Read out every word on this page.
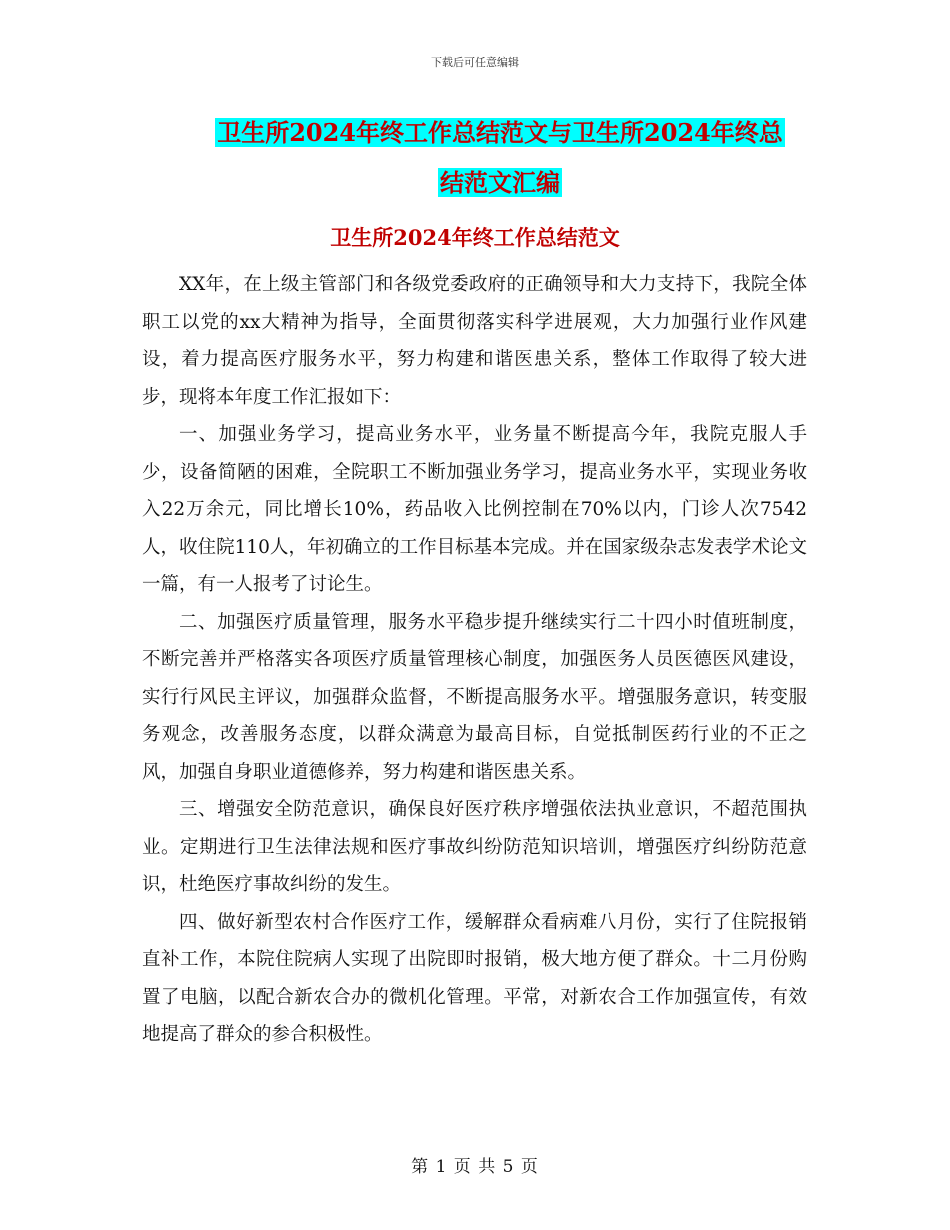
下载后可任意编辑
卫生所2024年终工作总结范文与卫生所2024年终总
结范文汇编
卫生所2024年终工作总结范文

XX年，在上级主管部门和各级党委政府的正确领导和大力支持下，我院全体职工以党的xx大精神为指导，全面贯彻落实科学进展观，大力加强行业作风建设，着力提高医疗服务水平，努力构建和谐医患关系，整体工作取得了较大进步，现将本年度工作汇报如下：

一、加强业务学习，提高业务水平，业务量不断提高今年，我院克服人手少，设备简陋的困难，全院职工不断加强业务学习，提高业务水平，实现业务收入22万余元，同比增长10%，药品收入比例控制在70%以内，门诊人次7542人，收住院110人，年初确立的工作目标基本完成。并在国家级杂志发表学术论文一篇，有一人报考了讨论生。

二、加强医疗质量管理，服务水平稳步提升继续实行二十四小时值班制度，不断完善并严格落实各项医疗质量管理核心制度，加强医务人员医德医风建设，实行行风民主评议，加强群众监督，不断提高服务水平。增强服务意识，转变服务观念，改善服务态度，以群众满意为最高目标，自觉抵制医药行业的不正之风，加强自身职业道德修养，努力构建和谐医患关系。

三、增强安全防范意识，确保良好医疗秩序增强依法执业意识，不超范围执业。定期进行卫生法律法规和医疗事故纠纷防范知识培训，增强医疗纠纷防范意识，杜绝医疗事故纠纷的发生。

四、做好新型农村合作医疗工作，缓解群众看病难八月份，实行了住院报销直补工作，本院住院病人实现了出院即时报销，极大地方便了群众。十二月份购置了电脑，以配合新农合办的微机化管理。平常，对新农合工作加强宣传，有效地提高了群众的参合积极性。

第 1 页 共 5 页
